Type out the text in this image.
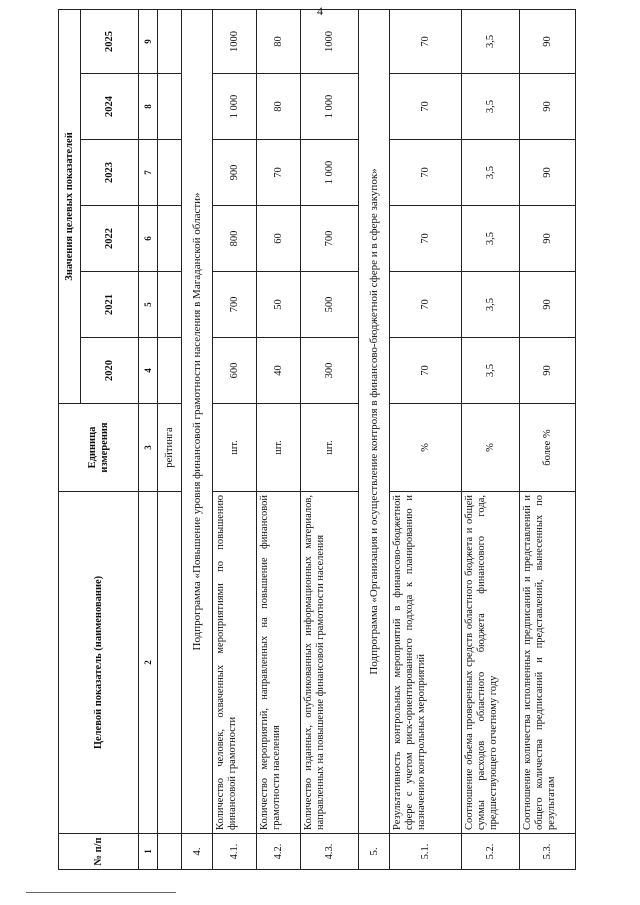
4
№ п/п	Целевой показатель (наименование)	Единица измерения	Значения целевых показателей					
			2020	2021	2022	2023	2024	2025
1	2	3	4	5	6	7	8	9
		рейтинга						
4.	Подпрограмма «Повышение уровня финансовой грамотности населения в Магаданской области»							
4.1.	Количество человек, охваченных мероприятиями по повышению финансовой грамотности	шт.	600	700	800	900	1 000	1000
4.2.	Количество мероприятий, направленных на повышение финансовой грамотности населения	шт.	40	50	60	70	80	80
4.3.	Количество изданных, опубликованных информационных материалов, направленных на повышение финансовой грамотности населения	шт.	300	500	700	1 000	1 000	1000
5.	Подпрограмма «Организация и осуществление контроля в финансово-бюджетной сфере и в сфере закупок»							
5.1.	Результативность контрольных мероприятий в финансово-бюджетной сфере с учетом риск-ориентированного подхода к планированию и назначению контрольных мероприятий	%	70	70	70	70	70	70
5.2.	Соотношение объема проверенных средств областного бюджета и общей суммы расходов областного бюджета финансового года, предшествующего отчетному году	%	3,5	3,5	3,5	3,5	3,5	3,5
5.3.	Соотношение количества исполненных предписаний и представлений и общего количества предписаний и представлений, вынесенных по результатам	более %	90	90	90	90	90	90
